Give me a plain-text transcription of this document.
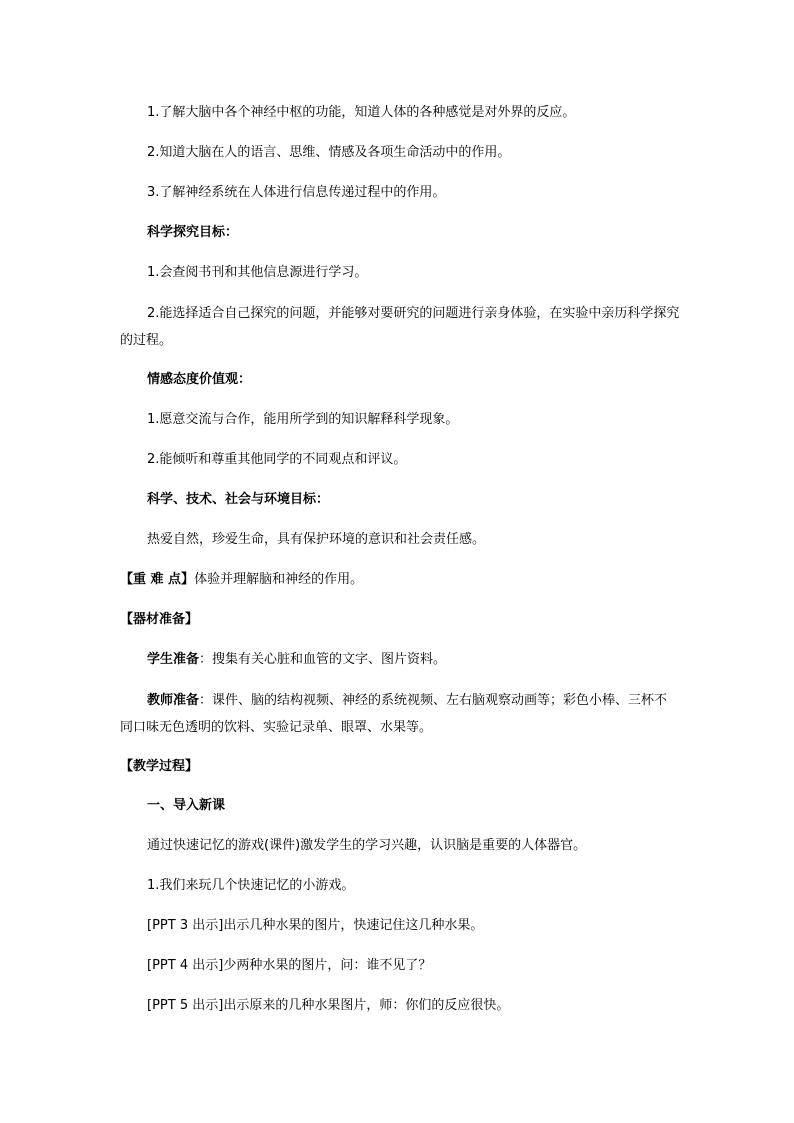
1.了解大脑中各个神经中枢的功能，知道人体的各种感觉是对外界的反应。
2.知道大脑在人的语言、思维、情感及各项生命活动中的作用。
3.了解神经系统在人体进行信息传递过程中的作用。
科学探究目标：
1.会查阅书刊和其他信息源进行学习。
2.能选择适合自己探究的问题，并能够对要研究的问题进行亲身体验，在实验中亲历科学探究的过程。
情感态度价值观：
1.愿意交流与合作，能用所学到的知识解释科学现象。
2.能倾听和尊重其他同学的不同观点和评议。
科学、技术、社会与环境目标：
热爱自然，珍爱生命，具有保护环境的意识和社会责任感。
【重 难 点】体验并理解脑和神经的作用。
【器材准备】
学生准备：搜集有关心脏和血管的文字、图片资料。
教师准备：课件、脑的结构视频、神经的系统视频、左右脑观察动画等；彩色小棒、三杯不同口味无色透明的饮料、实验记录单、眼罩、水果等。
【教学过程】
一、导入新课
通过快速记忆的游戏(课件)激发学生的学习兴趣，认识脑是重要的人体器官。
1.我们来玩几个快速记忆的小游戏。
[PPT 3 出示]出示几种水果的图片，快速记住这几种水果。
[PPT 4 出示]少两种水果的图片，问：谁不见了？
[PPT 5 出示]出示原来的几种水果图片，师：你们的反应很快。
